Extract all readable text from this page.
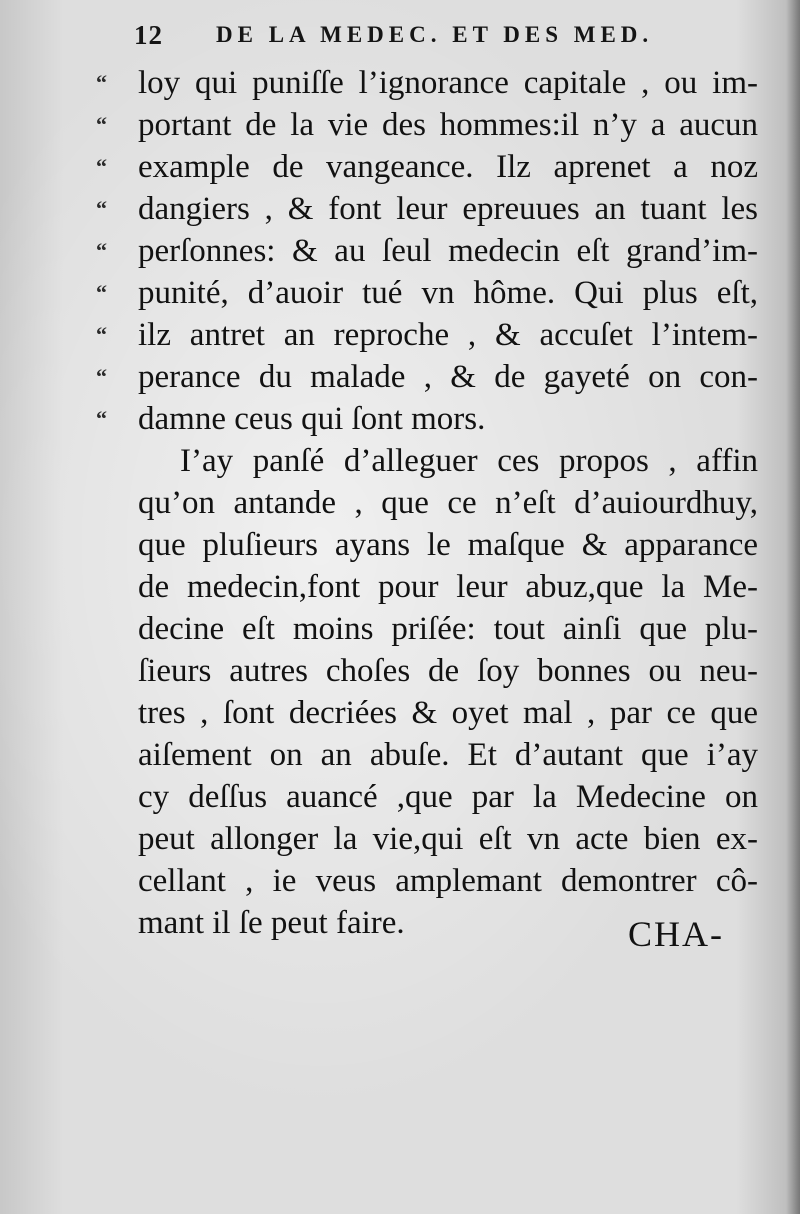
12 DE LA MEDEC. ET DES MED.
“
“
“
“
“
“
“
“
“
loy qui puniſſe l’ignorance capitale , ou im-
portant de la vie des hommes:il n’y a aucun
example de vangeance. Ilz aprenet a noz
dangiers , & font leur epreuues an tuant les
perſonnes: & au ſeul medecin eſt grand’im-
punité, d’auoir tué vn hôme. Qui plus eſt,
ilz antret an reproche , & accuſet l’intem-
perance du malade , & de gayeté on con-
damne ceus qui ſont mors.
I’ay panſé d’alleguer ces propos , affin
qu’on antande , que ce n’eſt d’auiourdhuy,
que pluſieurs ayans le maſque & apparance
de medecin,font pour leur abuz,que la Me-
decine eſt moins priſée: tout ainſi que plu-
ſieurs autres choſes de ſoy bonnes ou neu-
tres , ſont decriées & oyet mal , par ce que
aiſement on an abuſe. Et d’autant que i’ay
cy deſſus auancé ,que par la Medecine on
peut allonger la vie,qui eſt vn acte bien ex-
cellant , ie veus amplemant demontrer cô-
mant il ſe peut faire.	CHA-
